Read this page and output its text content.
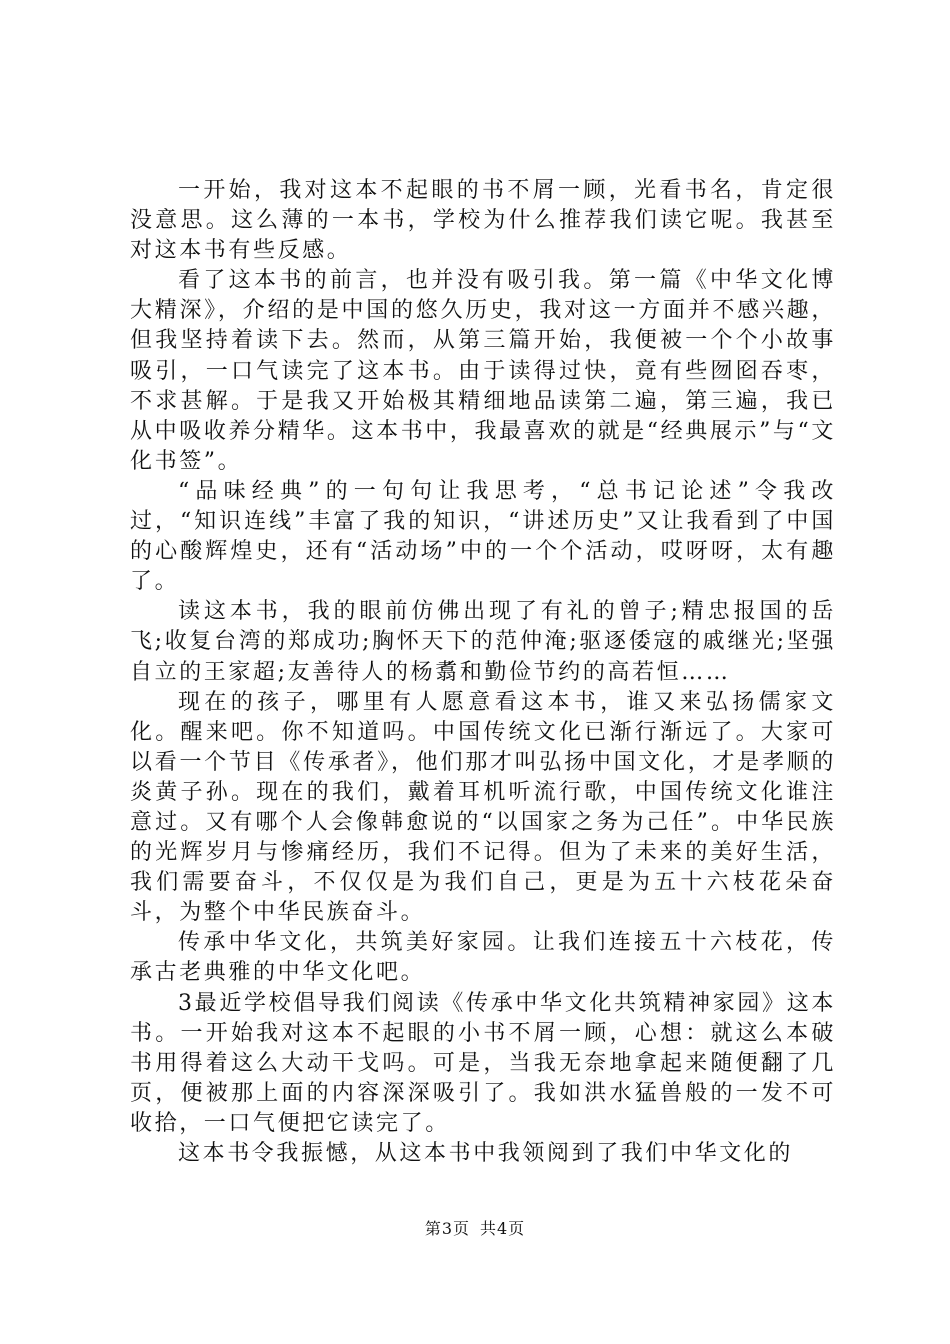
一开始，我对这本不起眼的书不屑一顾，光看书名，肯定很没意思。这么薄的一本书，学校为什么推荐我们读它呢。我甚至对这本书有些反感。

看了这本书的前言，也并没有吸引我。第一篇《中华文化博大精深》，介绍的是中国的悠久历史，我对这一方面并不感兴趣，但我坚持着读下去。然而，从第三篇开始，我便被一个个小故事吸引，一口气读完了这本书。由于读得过快，竟有些囫囵吞枣，不求甚解。于是我又开始极其精细地品读第二遍，第三遍，我已从中吸收养分精华。这本书中，我最喜欢的就是“经典展示”与“文化书签”。

“品味经典”的一句句让我思考，“总书记论述”令我改过，“知识连线”丰富了我的知识，“讲述历史”又让我看到了中国的心酸辉煌史，还有“活动场”中的一个个活动，哎呀呀，太有趣了。

读这本书，我的眼前仿佛出现了有礼的曾子;精忠报国的岳飞;收复台湾的郑成功;胸怀天下的范仲淹;驱逐倭寇的戚继光;坚强自立的王家超;友善待人的杨翥和勤俭节约的高若恒……

现在的孩子，哪里有人愿意看这本书，谁又来弘扬儒家文化。醒来吧。你不知道吗。中国传统文化已渐行渐远了。大家可以看一个节目《传承者》，他们那才叫弘扬中国文化，才是孝顺的炎黄子孙。现在的我们，戴着耳机听流行歌，中国传统文化谁注意过。又有哪个人会像韩愈说的“以国家之务为己任”。中华民族的光辉岁月与惨痛经历，我们不记得。但为了未来的美好生活，我们需要奋斗，不仅仅是为我们自己，更是为五十六枝花朵奋斗，为整个中华民族奋斗。

传承中华文化，共筑美好家园。让我们连接五十六枝花，传承古老典雅的中华文化吧。

3最近学校倡导我们阅读《传承中华文化共筑精神家园》这本书。一开始我对这本不起眼的小书不屑一顾，心想：就这么本破书用得着这么大动干戈吗。可是，当我无奈地拿起来随便翻了几页，便被那上面的内容深深吸引了。我如洪水猛兽般的一发不可收拾，一口气便把它读完了。

这本书令我振憾，从这本书中我领阅到了我们中华文化的

第3页 共4页
